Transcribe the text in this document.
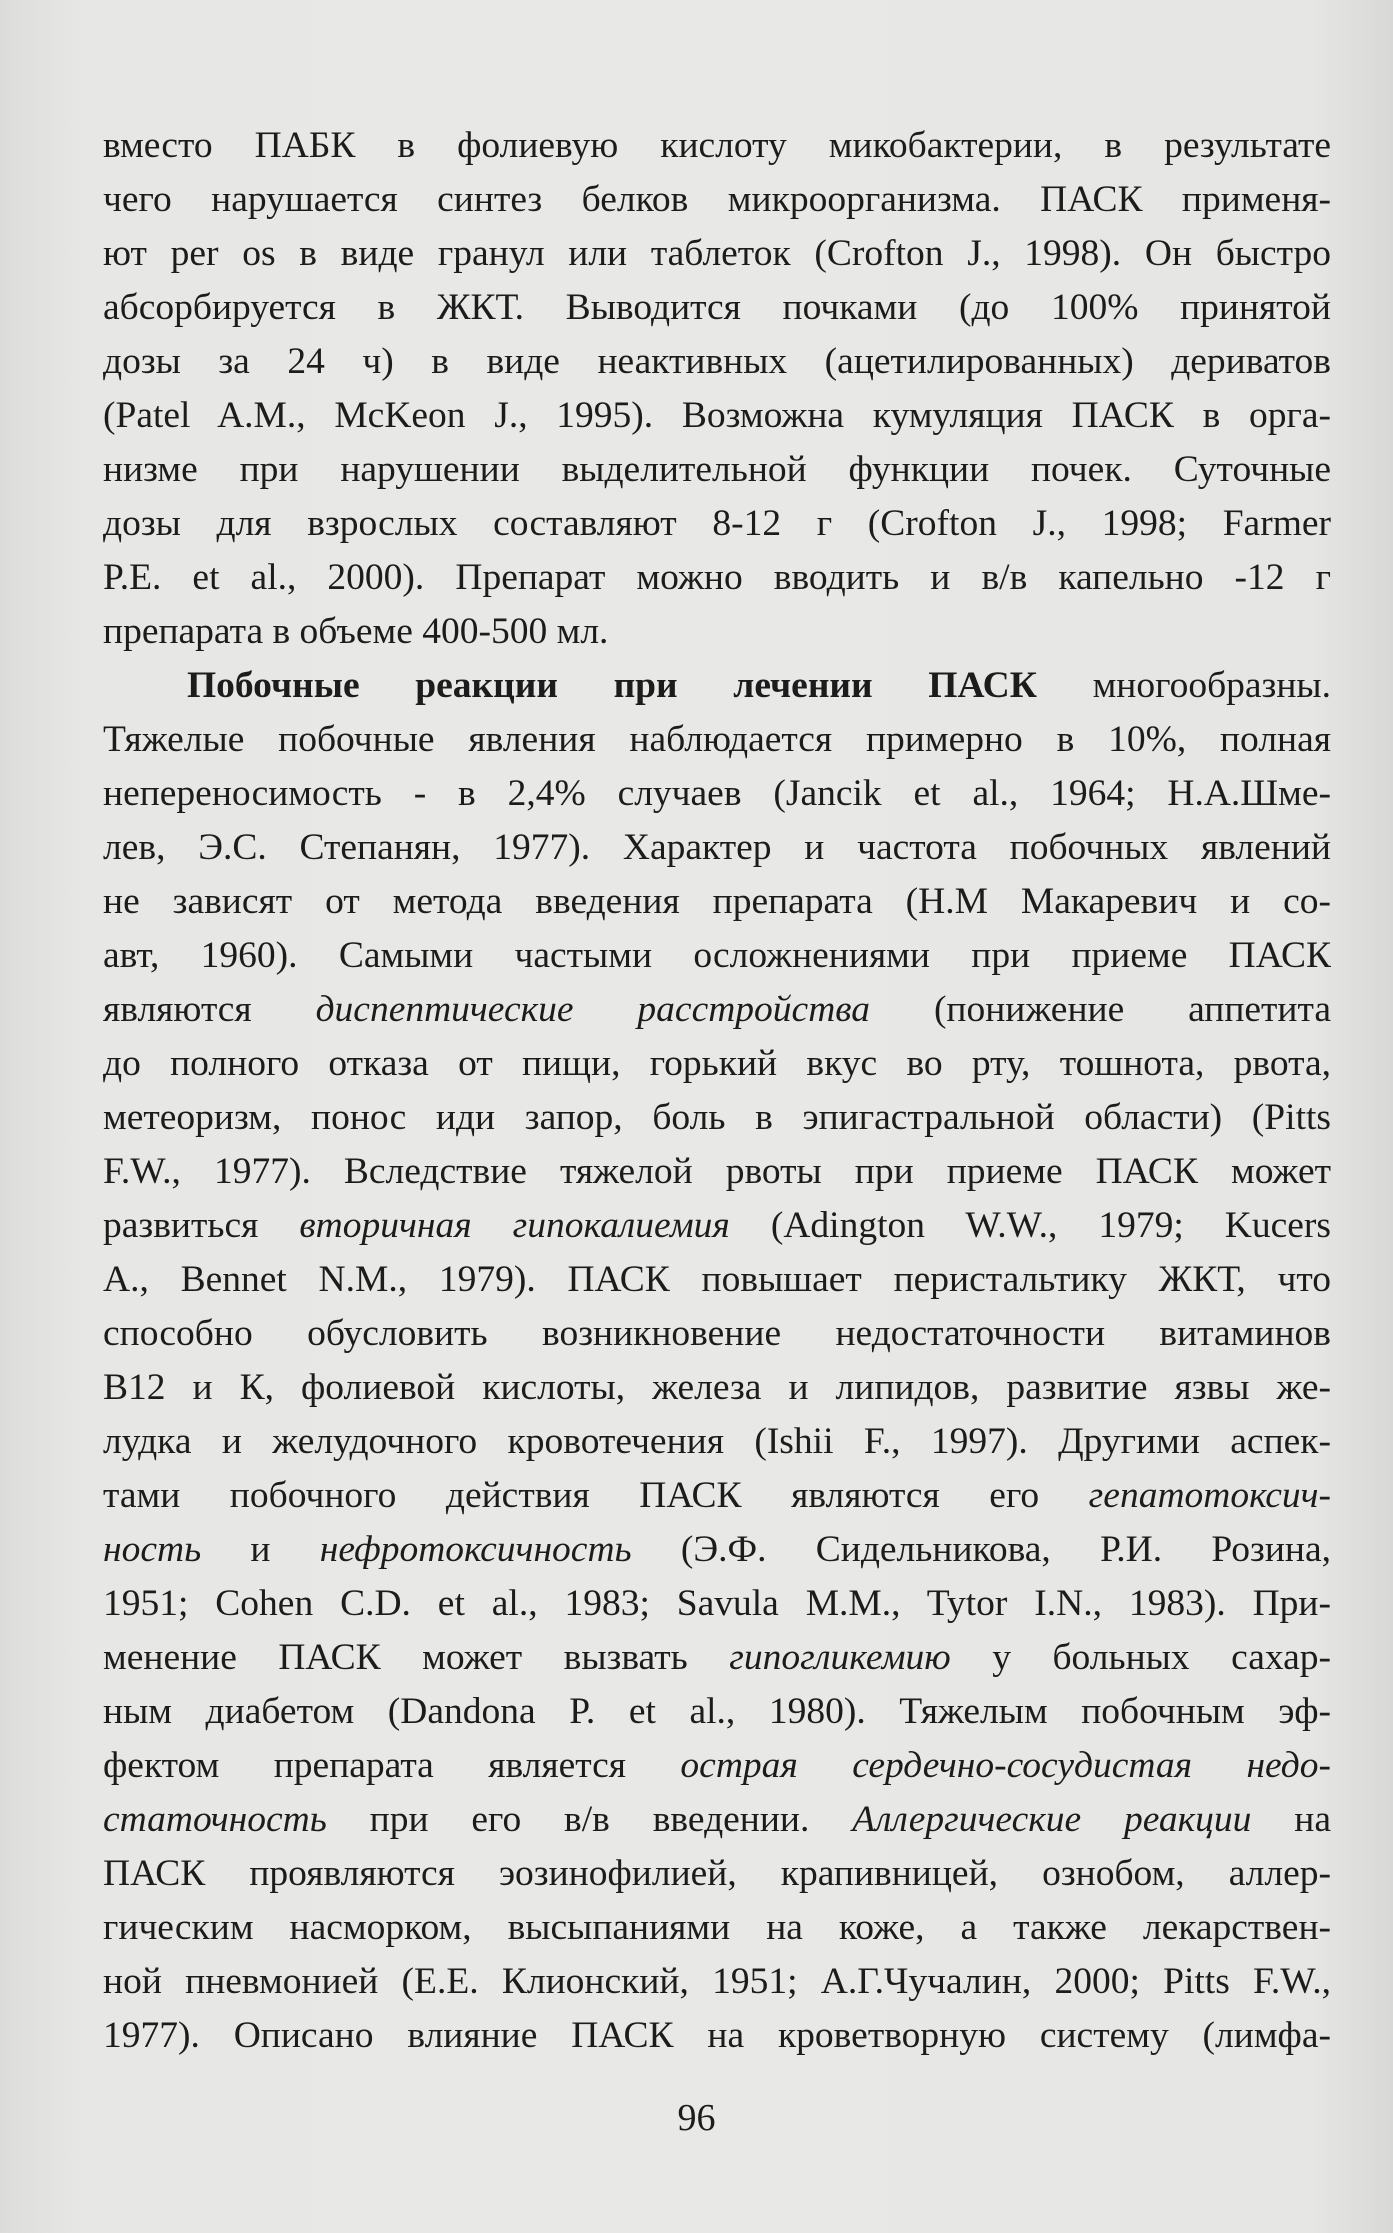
вместо ПАБК в фолиевую кислоту микобактерии, в результате
чего нарушается синтез белков микроорганизма. ПАСК применя-
ют per os в виде гранул или таблеток (Crofton J., 1998). Он быстро
абсорбируется в ЖКТ. Выводится почками (до 100% принятой
дозы за 24 ч) в виде неактивных (ацетилированных) дериватов
(Patel A.M., McKeon J., 1995). Возможна кумуляция ПАСК в орга-
низме при нарушении выделительной функции почек. Суточные
дозы для взрослых составляют 8-12 г (Crofton J., 1998; Farmer
P.E. et al., 2000). Препарат можно вводить и в/в капельно -12 г
препарата в объеме 400-500 мл.
Побочные реакции при лечении ПАСК многообразны.
Тяжелые побочные явления наблюдается примерно в 10%, полная
непереносимость - в 2,4% случаев (Jancik et al., 1964; Н.А.Шме-
лев, Э.С. Степанян, 1977). Характер и частота побочных явлений
не зависят от метода введения препарата (Н.М Макаревич и со-
авт, 1960). Самыми частыми осложнениями при приеме ПАСК
являются диспептические расстройства (понижение аппетита
до полного отказа от пищи, горький вкус во рту, тошнота, рвота,
метеоризм, понос иди запор, боль в эпигастральной области) (Pitts
F.W., 1977). Вследствие тяжелой рвоты при приеме ПАСК может
развиться вторичная гипокалиемия (Adington W.W., 1979; Kucers
A., Bennet N.M., 1979). ПАСК повышает перистальтику ЖКТ, что
способно обусловить возникновение недостаточности витаминов
В12 и К, фолиевой кислоты, железа и липидов, развитие язвы же-
лудка и желудочного кровотечения (Ishii F., 1997). Другими аспек-
тами побочного действия ПАСК являются его гепатотоксич-
ность и нефротоксичность (Э.Ф. Сидельникова, Р.И. Розина,
1951; Cohen C.D. et al., 1983; Savula M.M., Tytor I.N., 1983). При-
менение ПАСК может вызвать гипогликемию у больных сахар-
ным диабетом (Dandona P. et al., 1980). Тяжелым побочным эф-
фектом препарата является острая сердечно-сосудистая недо-
статочность при его в/в введении. Аллергические реакции на
ПАСК проявляются эозинофилией, крапивницей, ознобом, аллер-
гическим насморком, высыпаниями на коже, а также лекарствен-
ной пневмонией (Е.Е. Клионский, 1951; А.Г.Чучалин, 2000; Pitts F.W.,
1977). Описано влияние ПАСК на кроветворную систему (лимфа-
96
